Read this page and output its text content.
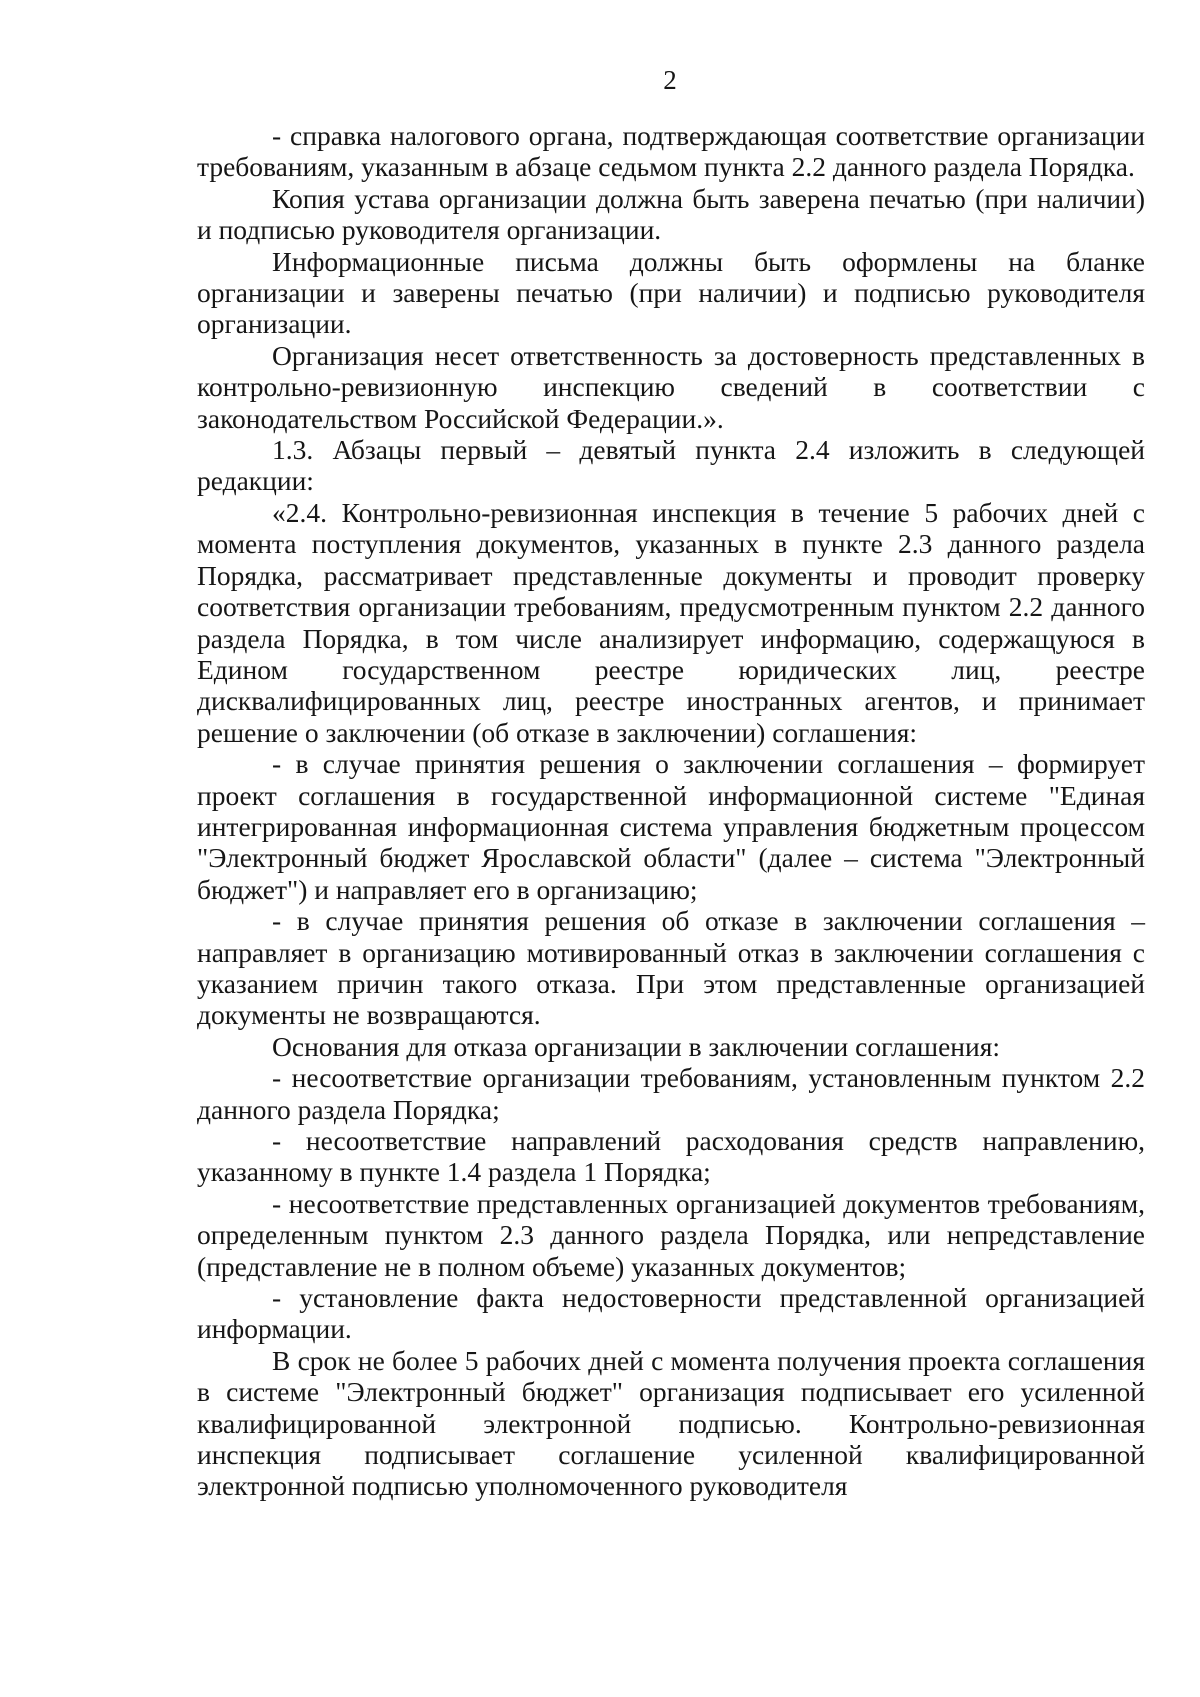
2

- справка налогового органа, подтверждающая соответствие организации требованиям, указанным в абзаце седьмом пункта 2.2 данного раздела Порядка.

Копия устава организации должна быть заверена печатью (при наличии) и подписью руководителя организации.

Информационные письма должны быть оформлены на бланке организации и заверены печатью (при наличии) и подписью руководителя организации.

Организация несет ответственность за достоверность представленных в контрольно-ревизионную инспекцию сведений в соответствии с законодательством Российской Федерации.».

1.3. Абзацы первый – девятый пункта 2.4 изложить в следующей редакции:

«2.4. Контрольно-ревизионная инспекция в течение 5 рабочих дней с момента поступления документов, указанных в пункте 2.3 данного раздела Порядка, рассматривает представленные документы и проводит проверку соответствия организации требованиям, предусмотренным пунктом 2.2 данного раздела Порядка, в том числе анализирует информацию, содержащуюся в Едином государственном реестре юридических лиц, реестре дисквалифицированных лиц, реестре иностранных агентов, и принимает решение о заключении (об отказе в заключении) соглашения:

- в случае принятия решения о заключении соглашения – формирует проект соглашения в государственной информационной системе "Единая интегрированная информационная система управления бюджетным процессом "Электронный бюджет Ярославской области" (далее – система "Электронный бюджет") и направляет его в организацию;

- в случае принятия решения об отказе в заключении соглашения – направляет в организацию мотивированный отказ в заключении соглашения с указанием причин такого отказа. При этом представленные организацией документы не возвращаются.

Основания для отказа организации в заключении соглашения:

- несоответствие организации требованиям, установленным пунктом 2.2 данного раздела Порядка;

- несоответствие направлений расходования средств направлению, указанному в пункте 1.4 раздела 1 Порядка;

- несоответствие представленных организацией документов требованиям, определенным пунктом 2.3 данного раздела Порядка, или непредставление (представление не в полном объеме) указанных документов;

- установление факта недостоверности представленной организацией информации.

В срок не более 5 рабочих дней с момента получения проекта соглашения в системе "Электронный бюджет" организация подписывает его усиленной квалифицированной электронной подписью. Контрольно-ревизионная инспекция подписывает соглашение усиленной квалифицированной электронной подписью уполномоченного руководителя
